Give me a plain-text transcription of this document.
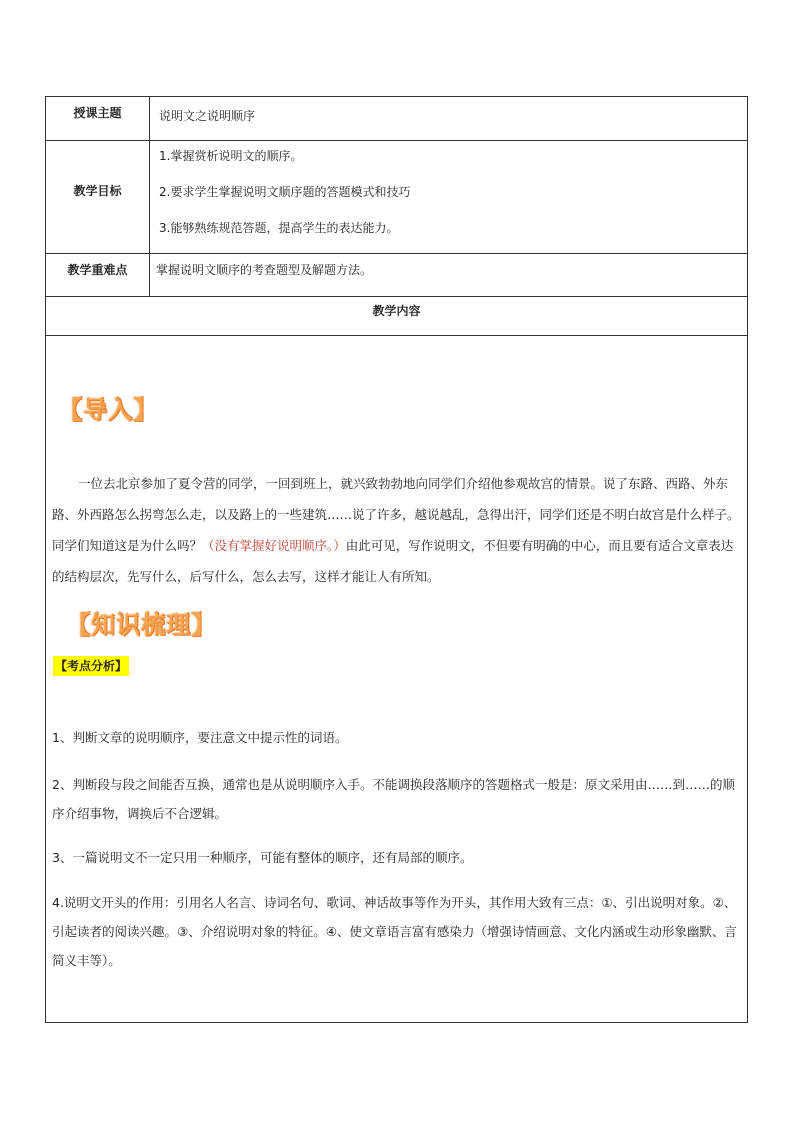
授课主题	说明文之说明顺序
教学目标
1.掌握赏析说明文的顺序。
2.要求学生掌握说明文顺序题的答题模式和技巧
3.能够熟练规范答题，提高学生的表达能力。
教学重难点	掌握说明文顺序的考查题型及解题方法。
教学内容
【导入】
一位去北京参加了夏令营的同学，一回到班上，就兴致勃勃地向同学们介绍他参观故宫的情景。说了东路、西路、外东路、外西路怎么拐弯怎么走，以及路上的一些建筑……说了许多，越说越乱，急得出汗，同学们还是不明白故宫是什么样子。同学们知道这是为什么吗？（没有掌握好说明顺序。）由此可见，写作说明文，不但要有明确的中心，而且要有适合文章表达的结构层次，先写什么，后写什么，怎么去写，这样才能让人有所知。
【知识梳理】
【考点分析】
1、判断文章的说明顺序，要注意文中提示性的词语。
2、判断段与段之间能否互换，通常也是从说明顺序入手。不能调换段落顺序的答题格式一般是：原文采用由……到……的顺序介绍事物，调换后不合逻辑。
3、一篇说明文不一定只用一种顺序，可能有整体的顺序，还有局部的顺序。
4.说明文开头的作用：引用名人名言、诗词名句、歌词、神话故事等作为开头，其作用大致有三点：①、引出说明对象。②、引起读者的阅读兴趣。③、介绍说明对象的特征。④、使文章语言富有感染力（增强诗情画意、文化内涵或生动形象幽默、言简义丰等）。
